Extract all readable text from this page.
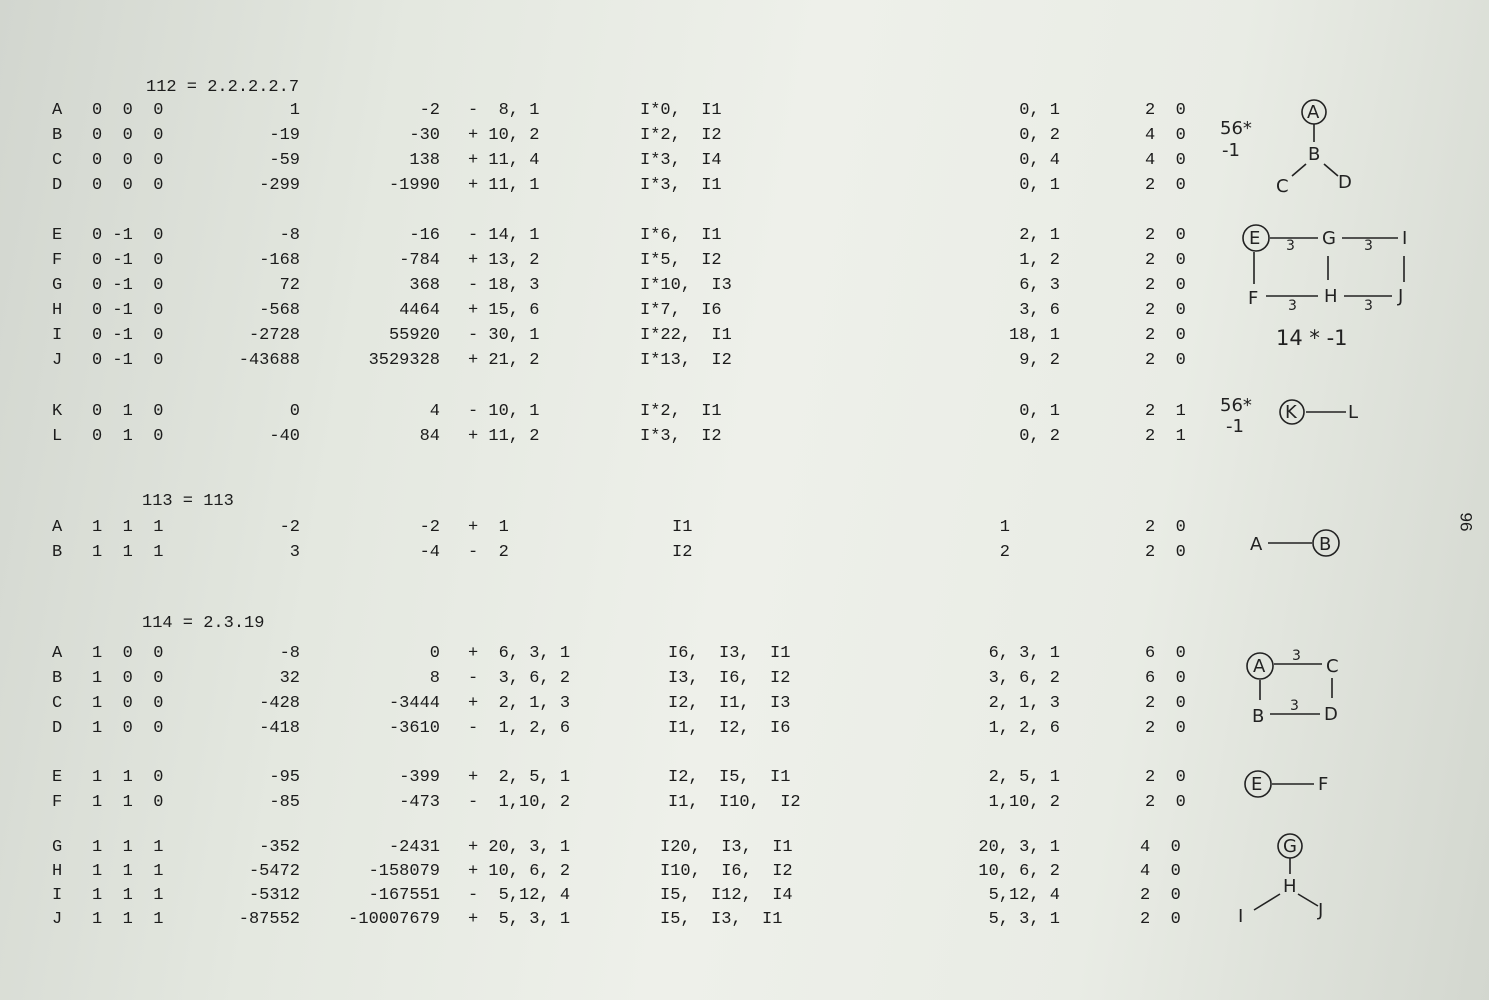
112 = 2.2.2.2.7
A	0  0  0	1	-2 -  8, 1	I*0,  I1	0, 1	2  0
B	0  0  0	-19	-30 + 10, 2	I*2,  I2	0, 2	4  0
C	0  0  0	-59	138 + 11, 4	I*3,  I4	0, 4	4  0
D	0  0  0	-299	-1990 + 11, 1	I*3,  I1	0, 1	2  0
E	0 -1  0	-8	-16 - 14, 1	I*6,  I1	2, 1	2  0
F	0 -1  0	-168	-784 + 13, 2	I*5,  I2	1, 2	2  0
G	0 -1  0	72	368 - 18, 3	I*10,  I3	6, 3	2  0
H	0 -1  0	-568	4464 + 15, 6	I*7,  I6	3, 6	2  0
I	0 -1  0	-2728	55920 - 30, 1	I*22,  I1	18, 1	2  0
J	0 -1  0	-43688	3529328 + 21, 2	I*13,  I2	9, 2	2  0
K	0  1  0	0	4 - 10, 1	I*2,  I1	0, 1	2  1
L	0  1  0	-40	84 + 11, 2	I*3,  I2	0, 2	2  1
113 = 113
A	1  1  1	-2	-2 +  1	I1	1	2  0
B	1  1  1	3	-4 -  2	I2	2	2  0
114 = 2.3.19
A	1  0  0	-8	0 +  6, 3, 1	I6,  I3,  I1	6, 3, 1	6  0
B	1  0  0	32	8 -  3, 6, 2	I3,  I6,  I2	3, 6, 2	6  0
C	1  0  0	-428	-3444 +  2, 1, 3	I2,  I1,  I3	2, 1, 3	2  0
D	1  0  0	-418	-3610 -  1, 2, 6	I1,  I2,  I6	1, 2, 6	2  0
E	1  1  0	-95	-399 +  2, 5, 1	I2,  I5,  I1	2, 5, 1	2  0
F	1  1  0	-85	-473 -  1,10, 2	I1,  I10,  I2	1,10, 2	2  0
G	1  1  1	-352	-2431 + 20, 3, 1	I20,  I3,  I1	20, 3, 1	4  0
H	1  1  1	-5472	-158079 + 10, 6, 2	I10,  I6,  I2	10, 6, 2	4  0
I	1  1  1	-5312	-167551 -  5,12, 4	I5,  I12,  I4	5,12, 4	2  0
J	1  1  1	-87552	-10007679 +  5, 3, 1	I5,  I3,  I1	5, 3, 1	2  0
56*
-1
14 * -1
56*
-1
A
B
C	D
E 3 G 3 I
F 3 H 3 J
K	L
A	B
A 3 C
B 3 D
E	F
G
H
I	J
96
